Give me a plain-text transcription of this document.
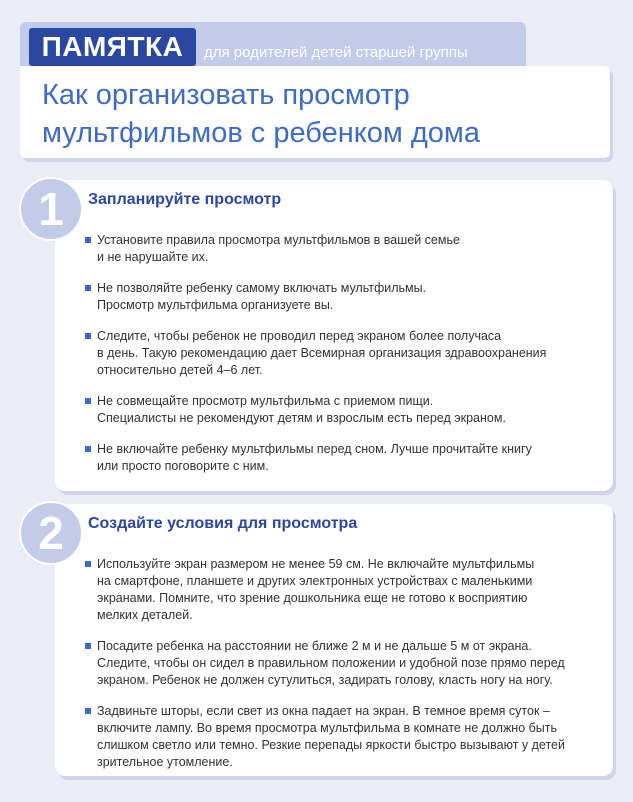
ПАМЯТКА	для родителей детей старшей группы
Как организовать просмотр
мультфильмов с ребенком дома
Запланируйте просмотр
Установите правила просмотра мультфильмов в вашей семье
и не нарушайте их.
Не позволяйте ребенку самому включать мультфильмы.
Просмотр мультфильма организуете вы.
Следите, чтобы ребенок не проводил перед экраном более получаса
в день. Такую рекомендацию дает Всемирная организация здравоохранения
относительно детей 4–6 лет.
Не совмещайте просмотр мультфильма с приемом пищи.
Специалисты не рекомендуют детям и взрослым есть перед экраном.
Не включайте ребенку мультфильмы перед сном. Лучше прочитайте книгу
или просто поговорите с ним.
1
Создайте условия для просмотра
Используйте экран размером не менее 59 см. Не включайте мультфильмы
на смартфоне, планшете и других электронных устройствах с маленькими
экранами. Помните, что зрение дошкольника еще не готово к восприятию
мелких деталей.
Посадите ребенка на расстоянии не ближе 2 м и не дальше 5 м от экрана.
Следите, чтобы он сидел в правильном положении и удобной позе прямо перед
экраном. Ребенок не должен сутулиться, задирать голову, класть ногу на ногу.
Задвиньте шторы, если свет из окна падает на экран. В темное время суток –
включите лампу. Во время просмотра мультфильма в комнате не должно быть
слишком светло или темно. Резкие перепады яркости быстро вызывают у детей
зрительное утомление.
2
